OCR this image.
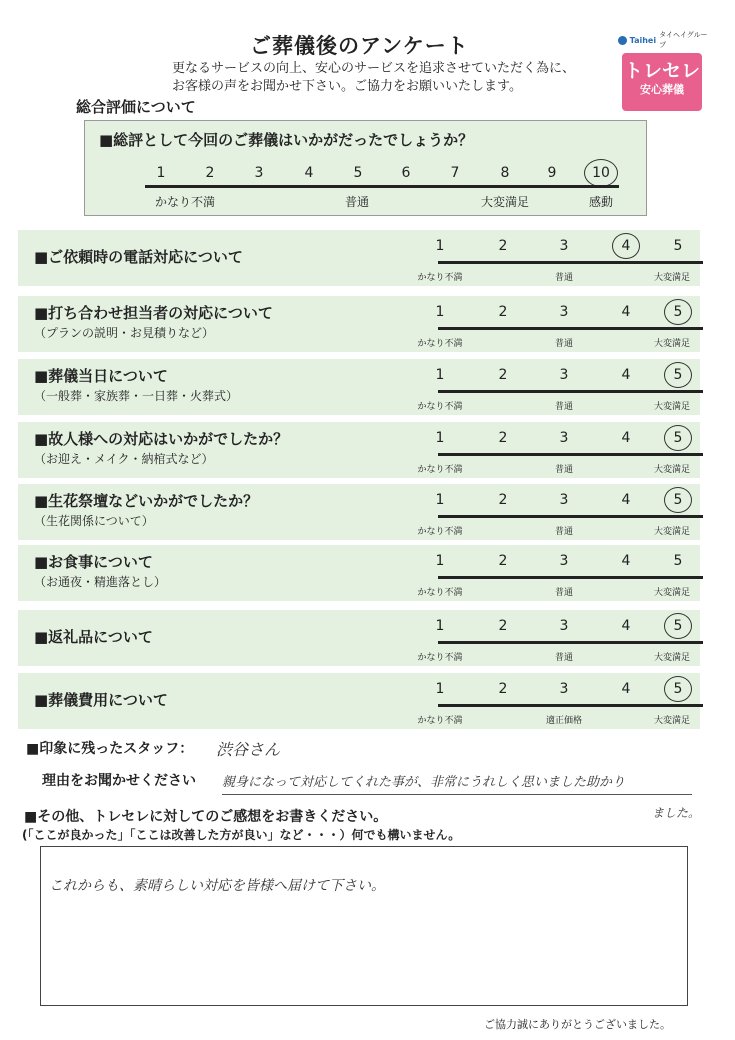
ご葬儀後のアンケート
更なるサービスの向上、安心のサービスを追求させていただく為に、
お客様の声をお聞かせ下さい。ご協力をお願いいたします。
Taihei
タイヘイグループ
トレセレ
安心葬儀
総合評価について
■総評として今回のご葬儀はいかがだったでしょうか？
1	2	3	4	5	6	7	8	9	10
かなり不満	普通	大変満足	感動
■ご依頼時の電話対応について
1	2	3	4	5
かなり不満	普通	大変満足
■打ち合わせ担当者の対応について
（プランの説明・お見積りなど）
1	2	3	4	5
かなり不満	普通	大変満足
■葬儀当日について
（一般葬・家族葬・一日葬・火葬式）
1	2	3	4	5
かなり不満	普通	大変満足
■故人様への対応はいかがでしたか？
（お迎え・メイク・納棺式など）
1	2	3	4	5
かなり不満	普通	大変満足
■生花祭壇などいかがでしたか？
（生花関係について）
1	2	3	4	5
かなり不満	普通	大変満足
■お食事について
（お通夜・精進落とし）
1	2	3	4	5
かなり不満	普通	大変満足
■返礼品について
1	2	3	4	5
かなり不満	普通	大変満足
■葬儀費用について
1	2	3	4	5
かなり不満	適正価格	大変満足
■印象に残ったスタッフ： 渋谷さん
理由をお聞かせください 親身になって対応してくれた事が、非常にうれしく思いました助かり
ました。
■その他、トレセレに対してのご感想をお書きください。
(「ここが良かった」「ここは改善した方が良い」など・・・）何でも構いません。
これからも、素晴らしい対応を皆様へ届けて下さい。
ご協力誠にありがとうございました。
